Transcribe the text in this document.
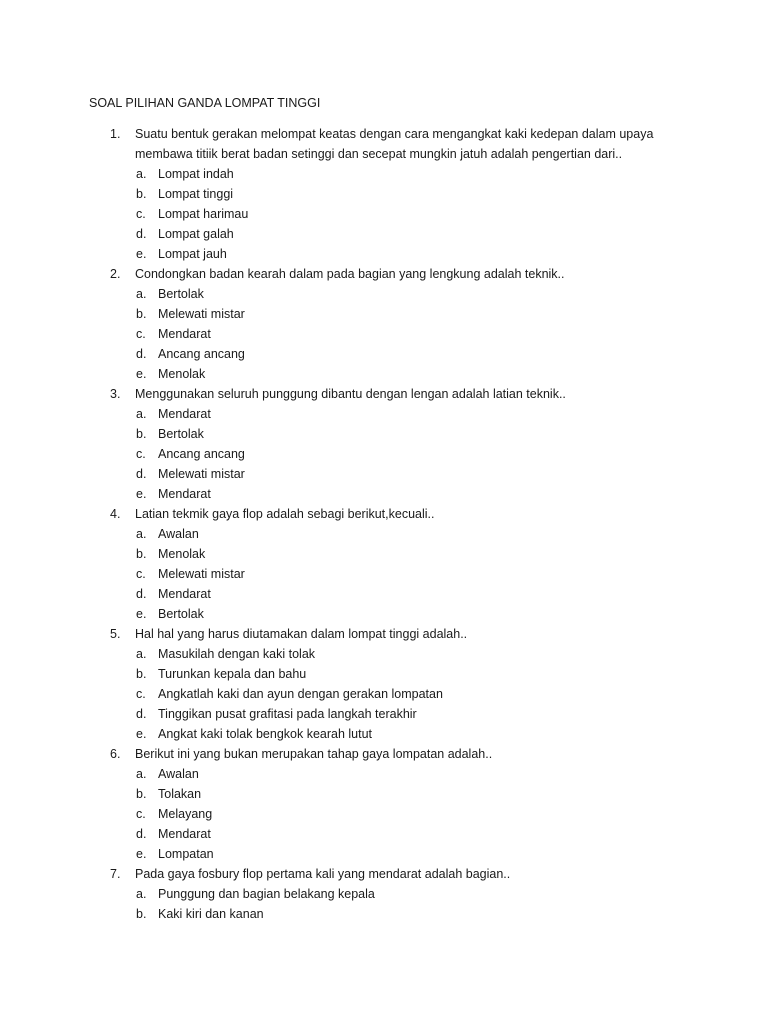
SOAL PILIHAN GANDA LOMPAT TINGGI
1. Suatu bentuk gerakan melompat keatas dengan cara mengangkat kaki kedepan dalam upaya membawa titiik berat badan setinggi dan secepat mungkin jatuh adalah pengertian dari..
a. Lompat indah
b. Lompat tinggi
c. Lompat harimau
d. Lompat galah
e. Lompat jauh
2. Condongkan badan kearah dalam pada bagian yang lengkung adalah teknik..
a. Bertolak
b. Melewati mistar
c. Mendarat
d. Ancang ancang
e. Menolak
3. Menggunakan seluruh punggung dibantu dengan lengan adalah latian teknik..
a. Mendarat
b. Bertolak
c. Ancang ancang
d. Melewati mistar
e. Mendarat
4. Latian tekmik gaya flop adalah sebagi berikut,kecuali..
a. Awalan
b. Menolak
c. Melewati mistar
d. Mendarat
e. Bertolak
5. Hal hal yang harus diutamakan dalam lompat tinggi adalah..
a. Masukilah dengan kaki tolak
b. Turunkan kepala dan bahu
c. Angkatlah kaki dan ayun dengan gerakan lompatan
d. Tinggikan pusat grafitasi pada langkah terakhir
e. Angkat kaki tolak bengkok kearah lutut
6. Berikut ini yang bukan merupakan tahap gaya lompatan adalah..
a. Awalan
b. Tolakan
c. Melayang
d. Mendarat
e. Lompatan
7. Pada gaya fosbury flop pertama kali yang mendarat adalah bagian..
a. Punggung dan bagian belakang kepala
b. Kaki kiri dan kanan
